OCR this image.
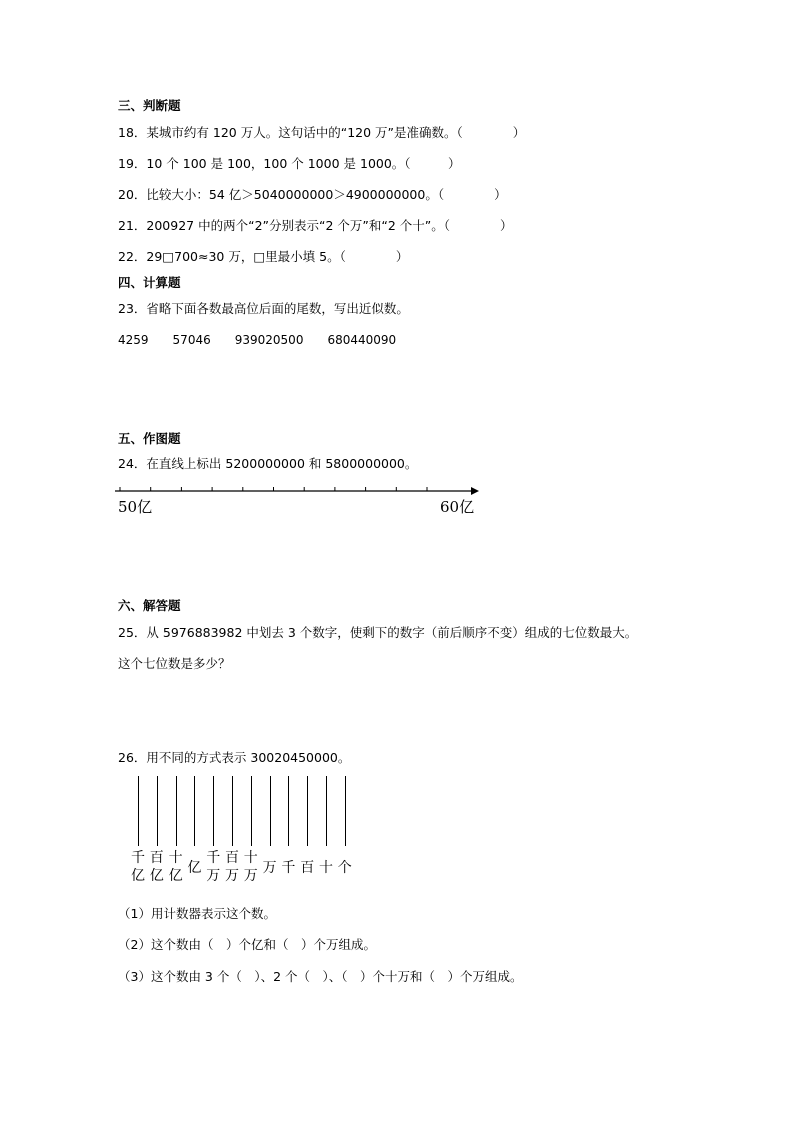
三、判断题
18．某城市约有 120 万人。这句话中的“120 万”是准确数。（　　　　）
19．10 个 100 是 100，100 个 1000 是 1000。（　　　）
20．比较大小：54 亿＞5040000000＞4900000000。（　　　　）
21．200927 中的两个“2”分别表示“2 个万”和“2 个十”。（　　　　）
22．29□700≈30 万，□里最小填 5。（　　　　）
四、计算题
23．省略下面各数最高位后面的尾数，写出近似数。
4259 57046 939020500 680440090
五、作图题
24．在直线上标出 5200000000 和 5800000000。
50亿	60亿
六、解答题
25．从 5976883982 中划去 3 个数字，使剩下的数字（前后顺序不变）组成的七位数最大。
这个七位数是多少？
26．用不同的方式表示 30020450000。
千
亿
百
亿
十
亿 亿
千
万
百
万
十
万 万 千 百 十 个
（1）用计数器表示这个数。
（2）这个数由（　）个亿和（　）个万组成。
（3）这个数由 3 个（　）、2 个（　）、（　）个十万和（　）个万组成。
